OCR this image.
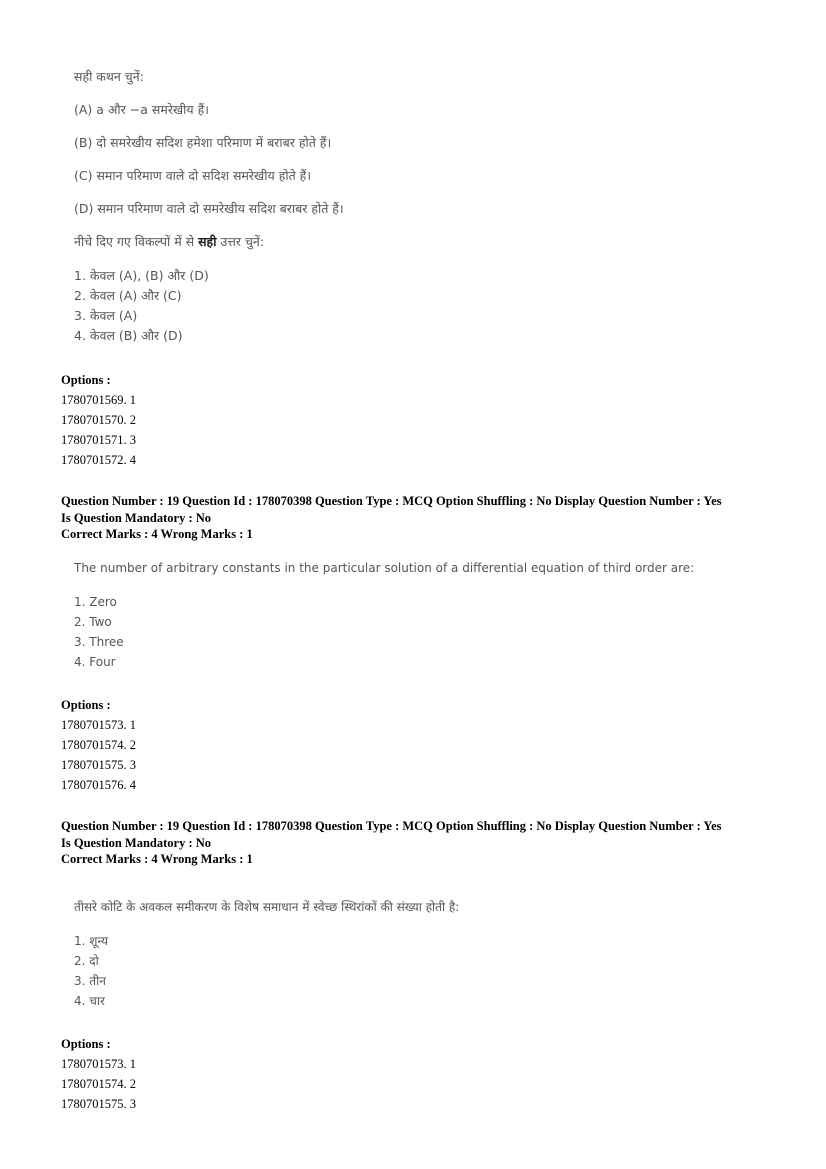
सही कथन चुनें:
(A) a और −a समरेखीय हैं।
(B) दो समरेखीय सदिश हमेशा परिमाण में बराबर होते हैं।
(C) समान परिमाण वाले दो सदिश समरेखीय होते हैं।
(D) समान परिमाण वाले दो समरेखीय सदिश बराबर होते हैं।
नीचे दिए गए विकल्पों में से सही उत्तर चुनें:
1. केवल (A), (B) और (D)
2. केवल (A) और (C)
3. केवल (A)
4. केवल (B) और (D)
Options :
1780701569. 1
1780701570. 2
1780701571. 3
1780701572. 4
Question Number : 19 Question Id : 178070398 Question Type : MCQ Option Shuffling : No Display Question Number : Yes
Is Question Mandatory : No
Correct Marks : 4 Wrong Marks : 1
The number of arbitrary constants in the particular solution of a differential equation of third order are:
1. Zero
2. Two
3. Three
4. Four
Options :
1780701573. 1
1780701574. 2
1780701575. 3
1780701576. 4
Question Number : 19 Question Id : 178070398 Question Type : MCQ Option Shuffling : No Display Question Number : Yes
Is Question Mandatory : No
Correct Marks : 4 Wrong Marks : 1
तीसरे कोटि के अवकल समीकरण के विशेष समाधान में स्वेच्छ स्थिरांकों की संख्या होती है:
1. शून्य
2. दो
3. तीन
4. चार
Options :
1780701573. 1
1780701574. 2
1780701575. 3
